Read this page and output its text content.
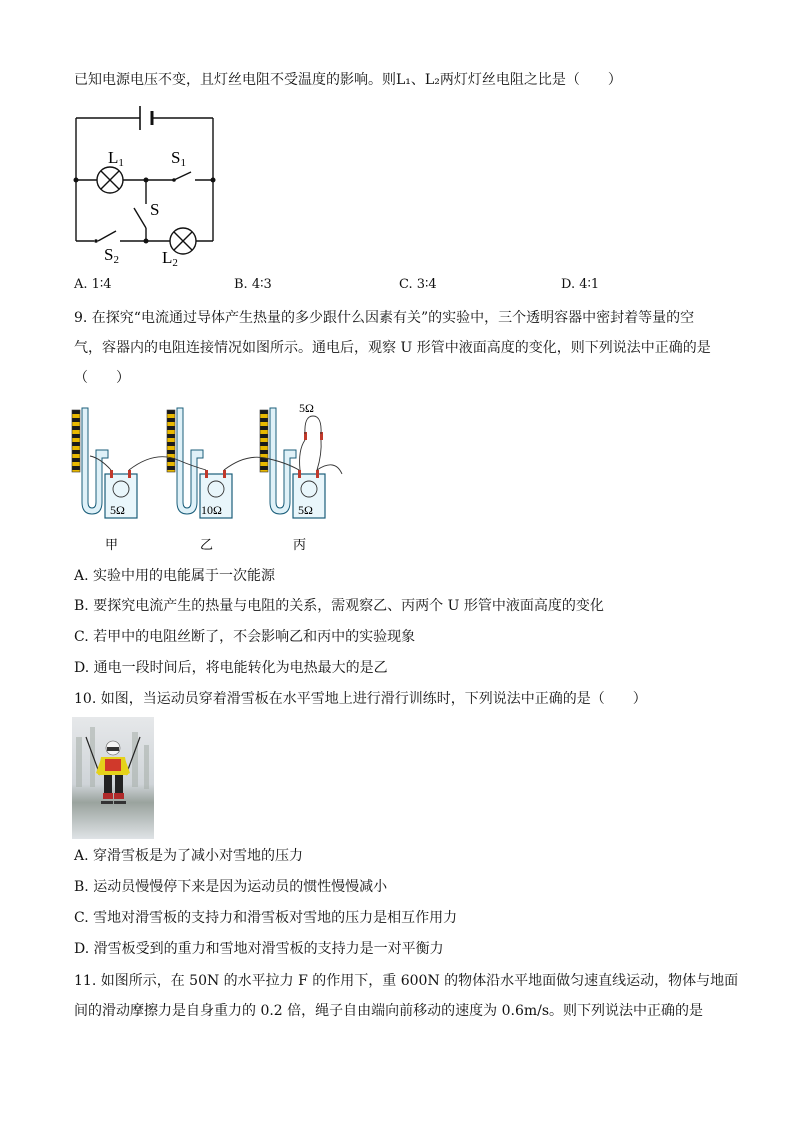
已知电源电压不变，且灯丝电阻不受温度的影响。则L₁、L₂两灯灯丝电阻之比是（　　）
L1	S1
S
S2	L2
A. 1∶4	B. 4∶3	C. 3∶4	D. 4∶1
9. 在探究“电流通过导体产生热量的多少跟什么因素有关”的实验中，三个透明容器中密封着等量的空
气，容器内的电阻连接情况如图所示。通电后，观察 U 形管中液面高度的变化，则下列说法中正确的是
（　　）
5Ω	10Ω	5Ω
5Ω
甲	乙	丙
A. 实验中用的电能属于一次能源
B. 要探究电流产生的热量与电阻的关系，需观察乙、丙两个 U 形管中液面高度的变化
C. 若甲中的电阻丝断了，不会影响乙和丙中的实验现象
D. 通电一段时间后，将电能转化为电热最大的是乙
10. 如图，当运动员穿着滑雪板在水平雪地上进行滑行训练时，下列说法中正确的是（　　）
A. 穿滑雪板是为了减小对雪地的压力
B. 运动员慢慢停下来是因为运动员的惯性慢慢减小
C. 雪地对滑雪板的支持力和滑雪板对雪地的压力是相互作用力
D. 滑雪板受到的重力和雪地对滑雪板的支持力是一对平衡力
11. 如图所示，在 50N 的水平拉力 F 的作用下，重 600N 的物体沿水平地面做匀速直线运动，物体与地面
间的滑动摩擦力是自身重力的 0.2 倍，绳子自由端向前移动的速度为 0.6m/s。则下列说法中正确的是
